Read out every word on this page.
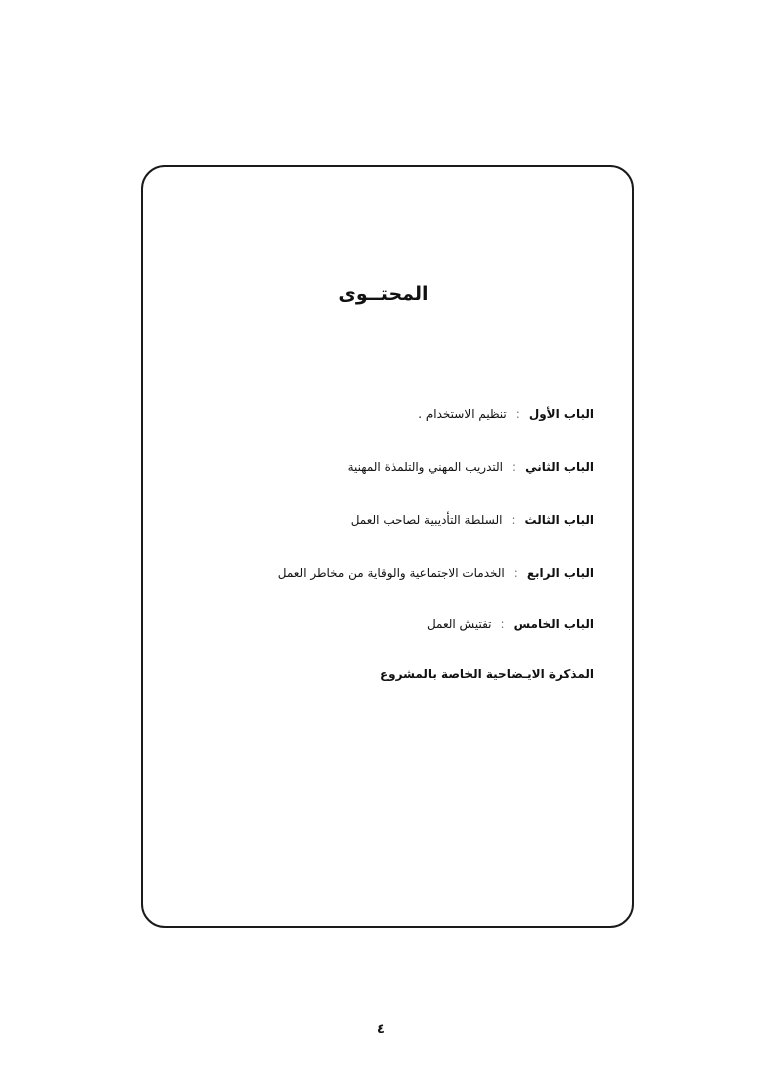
المحتــوى
الباب الأول:تنظيم الاستخدام .
الباب الثاني:التدريب المهني والتلمذة المهنية
الباب الثالث:السلطة التأديبية لصاحب العمل
الباب الرابع:الخدمات الاجتماعية والوقاية من مخاطر العمل
الباب الخامس:تفتيش العمل
المذكرة الايـضاحية الخاصة بالمشروع
٤
